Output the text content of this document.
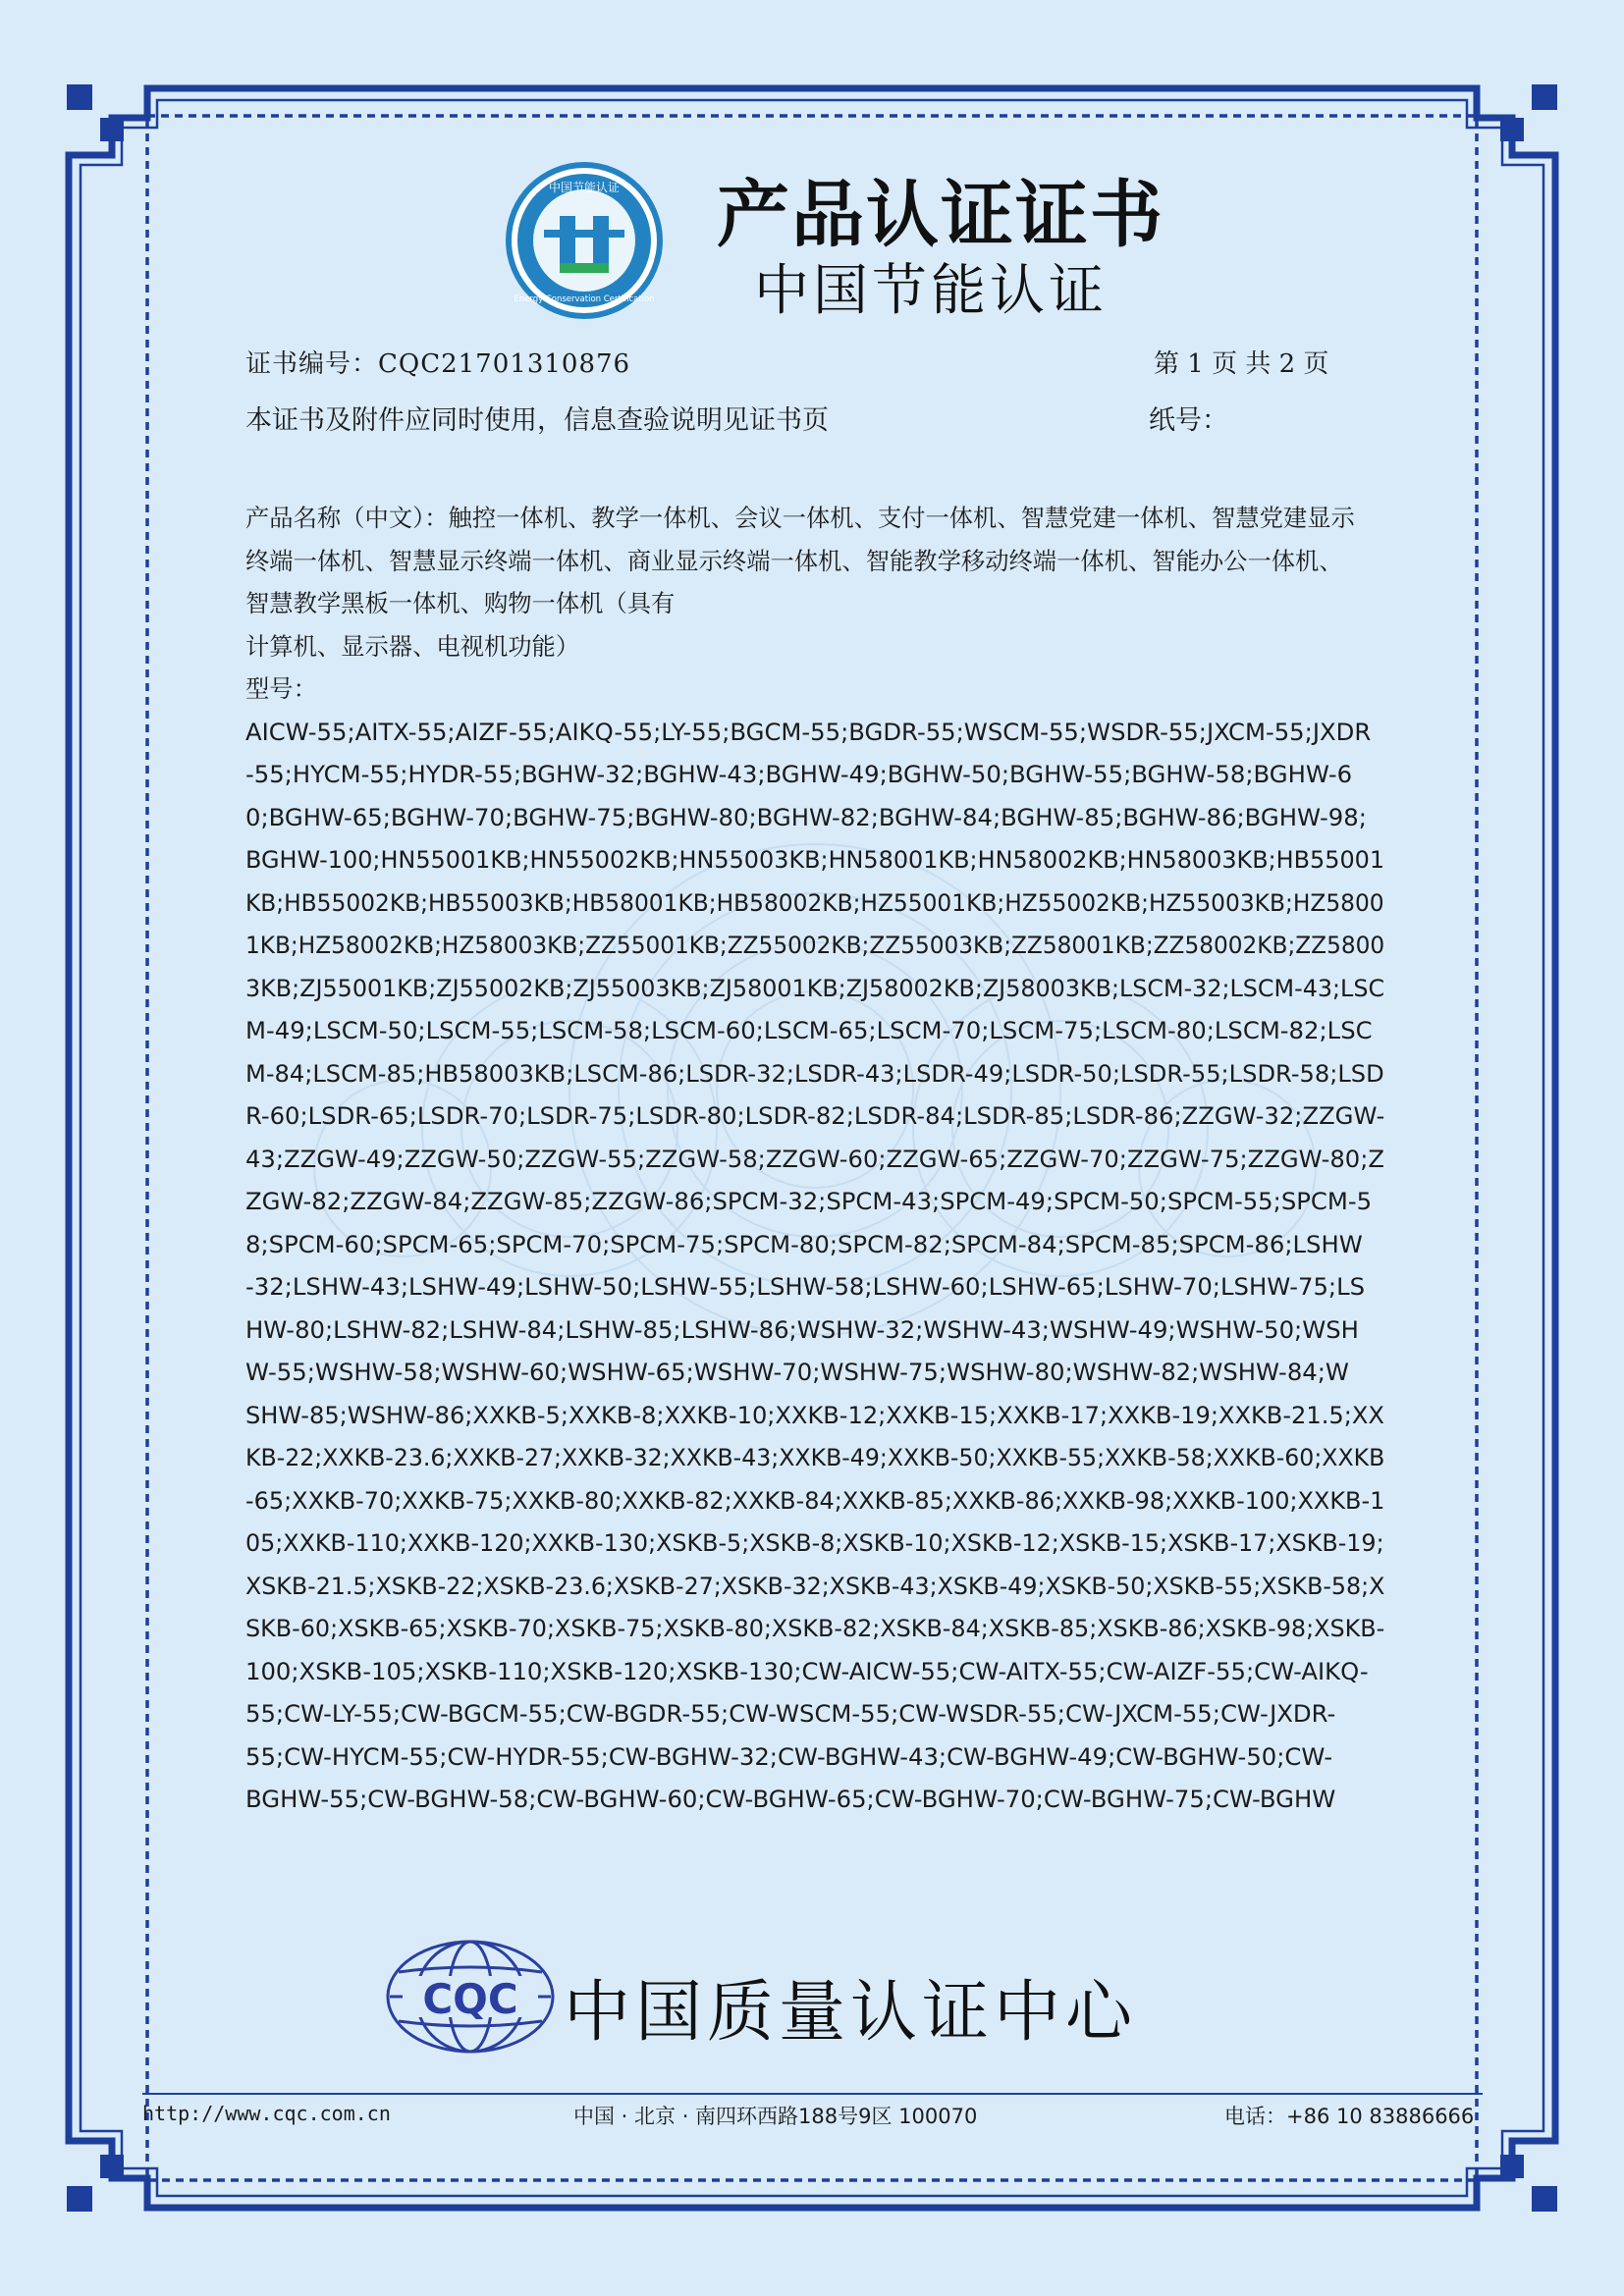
中国节能认证
Energy Conservation Certification
产品认证证书
中国节能认证
证书编号：CQC21701310876	第 1 页 共 2 页
本证书及附件应同时使用，信息查验说明见证书页	纸号：
产品名称（中文）：触控一体机、教学一体机、会议一体机、支付一体机、智慧党建一体机、智慧党建显示
终端一体机、智慧显示终端一体机、商业显示终端一体机、智能教学移动终端一体机、智能办公一体机、
智慧教学黑板一体机、购物一体机（具有
计算机、显示器、电视机功能）
型号：
AICW-55;AITX-55;AIZF-55;AIKQ-55;LY-55;BGCM-55;BGDR-55;WSCM-55;WSDR-55;JXCM-55;JXDR
-55;HYCM-55;HYDR-55;BGHW-32;BGHW-43;BGHW-49;BGHW-50;BGHW-55;BGHW-58;BGHW-6
0;BGHW-65;BGHW-70;BGHW-75;BGHW-80;BGHW-82;BGHW-84;BGHW-85;BGHW-86;BGHW-98;
BGHW-100;HN55001KB;HN55002KB;HN55003KB;HN58001KB;HN58002KB;HN58003KB;HB55001
KB;HB55002KB;HB55003KB;HB58001KB;HB58002KB;HZ55001KB;HZ55002KB;HZ55003KB;HZ5800
1KB;HZ58002KB;HZ58003KB;ZZ55001KB;ZZ55002KB;ZZ55003KB;ZZ58001KB;ZZ58002KB;ZZ5800
3KB;ZJ55001KB;ZJ55002KB;ZJ55003KB;ZJ58001KB;ZJ58002KB;ZJ58003KB;LSCM-32;LSCM-43;LSC
M-49;LSCM-50;LSCM-55;LSCM-58;LSCM-60;LSCM-65;LSCM-70;LSCM-75;LSCM-80;LSCM-82;LSC
M-84;LSCM-85;HB58003KB;LSCM-86;LSDR-32;LSDR-43;LSDR-49;LSDR-50;LSDR-55;LSDR-58;LSD
R-60;LSDR-65;LSDR-70;LSDR-75;LSDR-80;LSDR-82;LSDR-84;LSDR-85;LSDR-86;ZZGW-32;ZZGW-
43;ZZGW-49;ZZGW-50;ZZGW-55;ZZGW-58;ZZGW-60;ZZGW-65;ZZGW-70;ZZGW-75;ZZGW-80;Z
ZGW-82;ZZGW-84;ZZGW-85;ZZGW-86;SPCM-32;SPCM-43;SPCM-49;SPCM-50;SPCM-55;SPCM-5
8;SPCM-60;SPCM-65;SPCM-70;SPCM-75;SPCM-80;SPCM-82;SPCM-84;SPCM-85;SPCM-86;LSHW
-32;LSHW-43;LSHW-49;LSHW-50;LSHW-55;LSHW-58;LSHW-60;LSHW-65;LSHW-70;LSHW-75;LS
HW-80;LSHW-82;LSHW-84;LSHW-85;LSHW-86;WSHW-32;WSHW-43;WSHW-49;WSHW-50;WSH
W-55;WSHW-58;WSHW-60;WSHW-65;WSHW-70;WSHW-75;WSHW-80;WSHW-82;WSHW-84;W
SHW-85;WSHW-86;XXKB-5;XXKB-8;XXKB-10;XXKB-12;XXKB-15;XXKB-17;XXKB-19;XXKB-21.5;XX
KB-22;XXKB-23.6;XXKB-27;XXKB-32;XXKB-43;XXKB-49;XXKB-50;XXKB-55;XXKB-58;XXKB-60;XXKB
-65;XXKB-70;XXKB-75;XXKB-80;XXKB-82;XXKB-84;XXKB-85;XXKB-86;XXKB-98;XXKB-100;XXKB-1
05;XXKB-110;XXKB-120;XXKB-130;XSKB-5;XSKB-8;XSKB-10;XSKB-12;XSKB-15;XSKB-17;XSKB-19;
XSKB-21.5;XSKB-22;XSKB-23.6;XSKB-27;XSKB-32;XSKB-43;XSKB-49;XSKB-50;XSKB-55;XSKB-58;X
SKB-60;XSKB-65;XSKB-70;XSKB-75;XSKB-80;XSKB-82;XSKB-84;XSKB-85;XSKB-86;XSKB-98;XSKB-
100;XSKB-105;XSKB-110;XSKB-120;XSKB-130;CW-AICW-55;CW-AITX-55;CW-AIZF-55;CW-AIKQ-
55;CW-LY-55;CW-BGCM-55;CW-BGDR-55;CW-WSCM-55;CW-WSDR-55;CW-JXCM-55;CW-JXDR-
55;CW-HYCM-55;CW-HYDR-55;CW-BGHW-32;CW-BGHW-43;CW-BGHW-49;CW-BGHW-50;CW-
BGHW-55;CW-BGHW-58;CW-BGHW-60;CW-BGHW-65;CW-BGHW-70;CW-BGHW-75;CW-BGHW
CQC 中国质量认证中心
http://www.cqc.com.cn	中国 · 北京 · 南四环西路188号9区 100070	电话：+86 10 83886666
